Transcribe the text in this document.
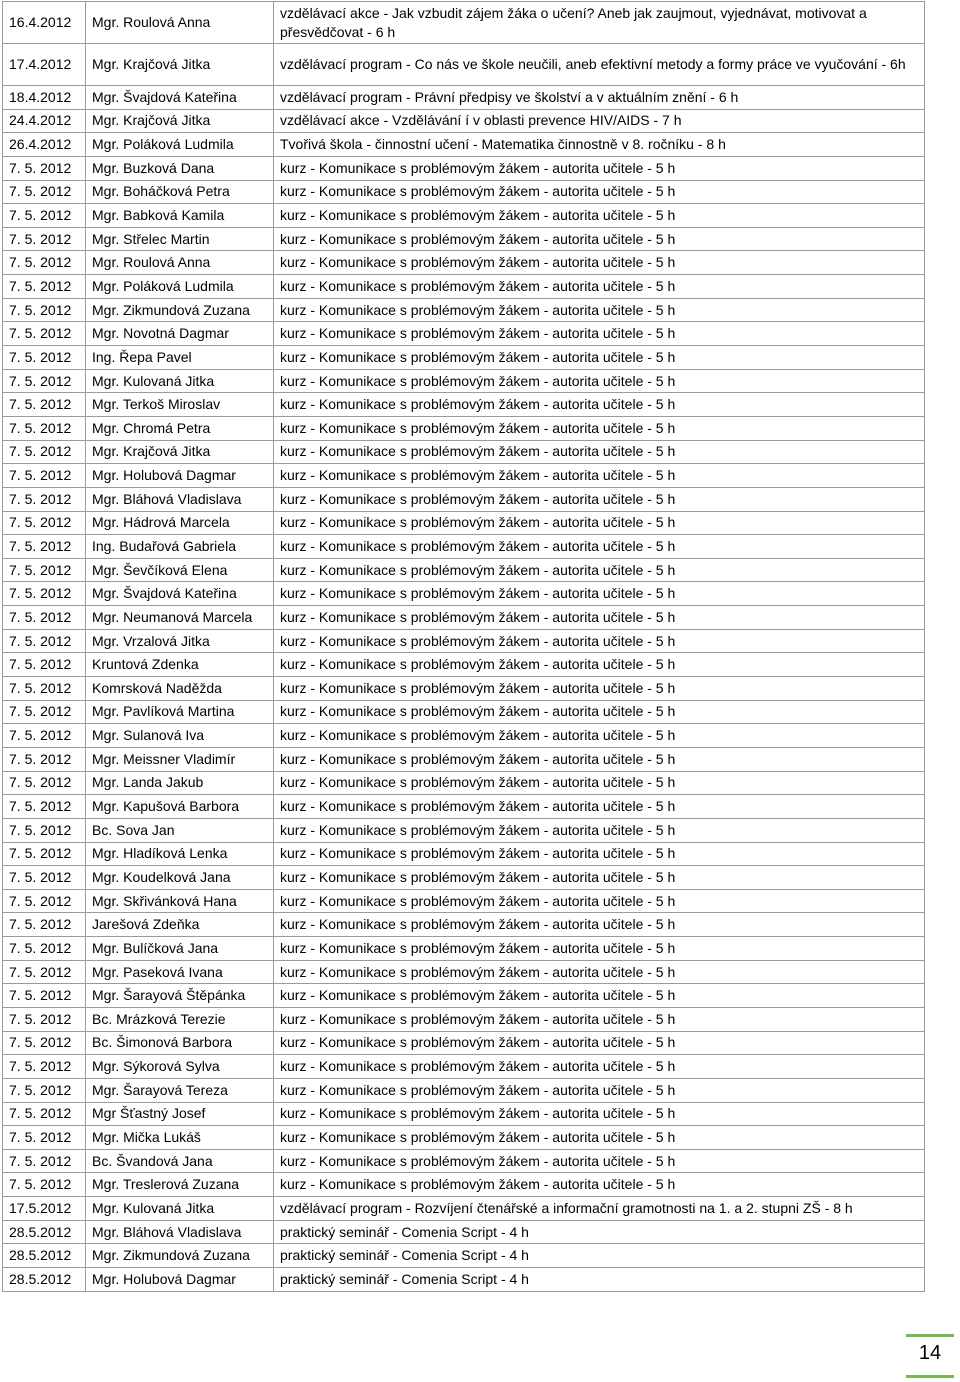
16.4.2012	Mgr. Roulová Anna	vzdělávací akce - Jak vzbudit zájem žáka o učení? Aneb jak zaujmout, vyjednávat, motivovat a přesvědčovat - 6 h
17.4.2012	Mgr. Krajčová Jitka	vzdělávací program - Co nás ve škole neučili, aneb efektivní metody a formy práce ve vyučování - 6h
18.4.2012	Mgr. Švajdová Kateřina	vzdělávací program - Právní předpisy ve školství a v aktuálním znění - 6 h
24.4.2012	Mgr. Krajčová Jitka	vzdělávací akce - Vzdělávání í v oblasti prevence HIV/AIDS - 7 h
26.4.2012	Mgr. Poláková Ludmila	Tvořivá škola - činnostní učení - Matematika činnostně v 8. ročníku - 8 h
7. 5. 2012	Mgr. Buzková Dana	kurz - Komunikace s problémovým žákem - autorita učitele - 5 h
7. 5. 2012	Mgr. Boháčková Petra	kurz - Komunikace s problémovým žákem - autorita učitele - 5 h
7. 5. 2012	Mgr. Babková Kamila	kurz - Komunikace s problémovým žákem - autorita učitele - 5 h
7. 5. 2012	Mgr. Střelec Martin	kurz - Komunikace s problémovým žákem - autorita učitele - 5 h
7. 5. 2012	Mgr. Roulová Anna	kurz - Komunikace s problémovým žákem - autorita učitele - 5 h
7. 5. 2012	Mgr. Poláková Ludmila	kurz - Komunikace s problémovým žákem - autorita učitele - 5 h
7. 5. 2012	Mgr. Zikmundová Zuzana	kurz - Komunikace s problémovým žákem - autorita učitele - 5 h
7. 5. 2012	Mgr. Novotná Dagmar	kurz - Komunikace s problémovým žákem - autorita učitele - 5 h
7. 5. 2012	Ing. Řepa Pavel	kurz - Komunikace s problémovým žákem - autorita učitele - 5 h
7. 5. 2012	Mgr. Kulovaná Jitka	kurz - Komunikace s problémovým žákem - autorita učitele - 5 h
7. 5. 2012	Mgr. Terkoš Miroslav	kurz - Komunikace s problémovým žákem - autorita učitele - 5 h
7. 5. 2012	Mgr. Chromá Petra	kurz - Komunikace s problémovým žákem - autorita učitele - 5 h
7. 5. 2012	Mgr. Krajčová Jitka	kurz - Komunikace s problémovým žákem - autorita učitele - 5 h
7. 5. 2012	Mgr. Holubová Dagmar	kurz - Komunikace s problémovým žákem - autorita učitele - 5 h
7. 5. 2012	Mgr. Bláhová Vladislava	kurz - Komunikace s problémovým žákem - autorita učitele - 5 h
7. 5. 2012	Mgr. Hádrová Marcela	kurz - Komunikace s problémovým žákem - autorita učitele - 5 h
7. 5. 2012	Ing. Budařová Gabriela	kurz - Komunikace s problémovým žákem - autorita učitele - 5 h
7. 5. 2012	Mgr. Ševčíková Elena	kurz - Komunikace s problémovým žákem - autorita učitele - 5 h
7. 5. 2012	Mgr. Švajdová Kateřina	kurz - Komunikace s problémovým žákem - autorita učitele - 5 h
7. 5. 2012	Mgr. Neumanová Marcela	kurz - Komunikace s problémovým žákem - autorita učitele - 5 h
7. 5. 2012	Mgr. Vrzalová Jitka	kurz - Komunikace s problémovým žákem - autorita učitele - 5 h
7. 5. 2012	Kruntová Zdenka	kurz - Komunikace s problémovým žákem - autorita učitele - 5 h
7. 5. 2012	Komrsková Naděžda	kurz - Komunikace s problémovým žákem - autorita učitele - 5 h
7. 5. 2012	Mgr. Pavlíková Martina	kurz - Komunikace s problémovým žákem - autorita učitele - 5 h
7. 5. 2012	Mgr. Sulanová Iva	kurz - Komunikace s problémovým žákem - autorita učitele - 5 h
7. 5. 2012	Mgr. Meissner Vladimír	kurz - Komunikace s problémovým žákem - autorita učitele - 5 h
7. 5. 2012	Mgr. Landa Jakub	kurz - Komunikace s problémovým žákem - autorita učitele - 5 h
7. 5. 2012	Mgr. Kapušová Barbora	kurz - Komunikace s problémovým žákem - autorita učitele - 5 h
7. 5. 2012	Bc. Sova Jan	kurz - Komunikace s problémovým žákem - autorita učitele - 5 h
7. 5. 2012	Mgr. Hladíková Lenka	kurz - Komunikace s problémovým žákem - autorita učitele - 5 h
7. 5. 2012	Mgr. Koudelková Jana	kurz - Komunikace s problémovým žákem - autorita učitele - 5 h
7. 5. 2012	Mgr. Skřivánková Hana	kurz - Komunikace s problémovým žákem - autorita učitele - 5 h
7. 5. 2012	Jarešová Zdeňka	kurz - Komunikace s problémovým žákem - autorita učitele - 5 h
7. 5. 2012	Mgr. Bulíčková Jana	kurz - Komunikace s problémovým žákem - autorita učitele - 5 h
7. 5. 2012	Mgr. Paseková Ivana	kurz - Komunikace s problémovým žákem - autorita učitele - 5 h
7. 5. 2012	Mgr. Šarayová Štěpánka	kurz - Komunikace s problémovým žákem - autorita učitele - 5 h
7. 5. 2012	Bc. Mrázková Terezie	kurz - Komunikace s problémovým žákem - autorita učitele - 5 h
7. 5. 2012	Bc. Šimonová Barbora	kurz - Komunikace s problémovým žákem - autorita učitele - 5 h
7. 5. 2012	Mgr. Sýkorová Sylva	kurz - Komunikace s problémovým žákem - autorita učitele - 5 h
7. 5. 2012	Mgr. Šarayová Tereza	kurz - Komunikace s problémovým žákem - autorita učitele - 5 h
7. 5. 2012	Mgr Šťastný Josef	kurz - Komunikace s problémovým žákem - autorita učitele - 5 h
7. 5. 2012	Mgr. Mička Lukáš	kurz - Komunikace s problémovým žákem - autorita učitele - 5 h
7. 5. 2012	Bc. Švandová Jana	kurz - Komunikace s problémovým žákem - autorita učitele - 5 h
7. 5. 2012	Mgr. Treslerová Zuzana	kurz - Komunikace s problémovým žákem - autorita učitele - 5 h
17.5.2012	Mgr. Kulovaná Jitka	vzdělávací program - Rozvíjení čtenářské a informační gramotnosti na 1. a 2. stupni ZŠ - 8 h
28.5.2012	Mgr. Bláhová Vladislava	praktický seminář - Comenia Script - 4 h
28.5.2012	Mgr. Zikmundová Zuzana	praktický seminář - Comenia Script - 4 h
28.5.2012	Mgr. Holubová Dagmar	praktický seminář - Comenia Script - 4 h
14
